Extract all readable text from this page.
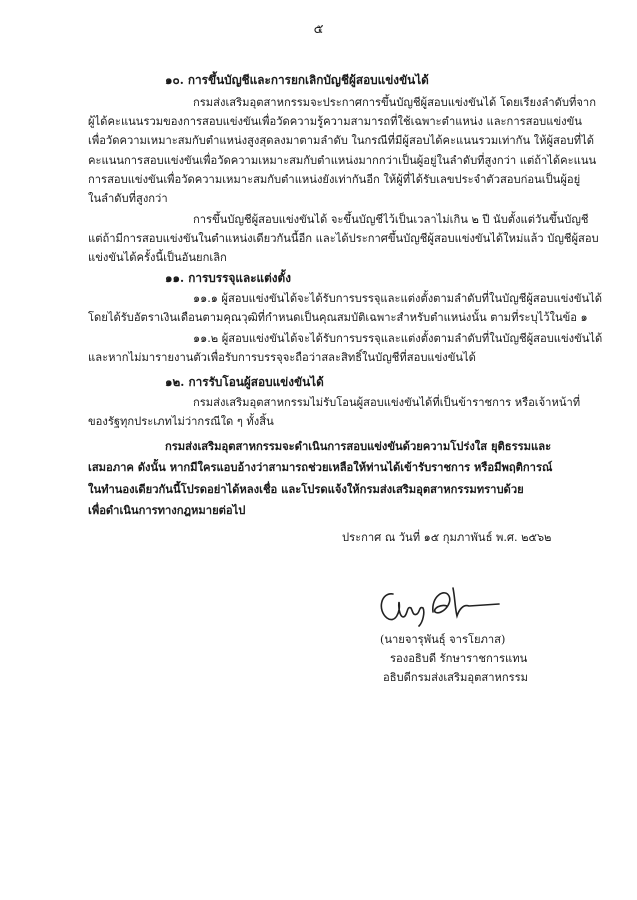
๕
๑๐. การขึ้นบัญชีและการยกเลิกบัญชีผู้สอบแข่งขันได้
กรมส่งเสริมอุตสาหกรรมจะประกาศการขึ้นบัญชีผู้สอบแข่งขันได้ โดยเรียงลำดับที่จาก
ผู้ได้คะแนนรวมของการสอบแข่งขันเพื่อวัดความรู้ความสามารถที่ใช้เฉพาะตำแหน่ง และการสอบแข่งขัน
เพื่อวัดความเหมาะสมกับตำแหน่งสูงสุดลงมาตามลำดับ ในกรณีที่มีผู้สอบได้คะแนนรวมเท่ากัน ให้ผู้สอบที่ได้
คะแนนการสอบแข่งขันเพื่อวัดความเหมาะสมกับตำแหน่งมากกว่าเป็นผู้อยู่ในลำดับที่สูงกว่า แต่ถ้าได้คะแนน
การสอบแข่งขันเพื่อวัดความเหมาะสมกับตำแหน่งยังเท่ากันอีก ให้ผู้ที่ได้รับเลขประจำตัวสอบก่อนเป็นผู้อยู่
ในลำดับที่สูงกว่า
การขึ้นบัญชีผู้สอบแข่งขันได้ จะขึ้นบัญชีไว้เป็นเวลาไม่เกิน ๒ ปี นับตั้งแต่วันขึ้นบัญชี
แต่ถ้ามีการสอบแข่งขันในตำแหน่งเดียวกันนี้อีก และได้ประกาศขึ้นบัญชีผู้สอบแข่งขันได้ใหม่แล้ว บัญชีผู้สอบ
แข่งขันได้ครั้งนี้เป็นอันยกเลิก
๑๑. การบรรจุและแต่งตั้ง
๑๑.๑ ผู้สอบแข่งขันได้จะได้รับการบรรจุและแต่งตั้งตามลำดับที่ในบัญชีผู้สอบแข่งขันได้
โดยได้รับอัตราเงินเดือนตามคุณวุฒิที่กำหนดเป็นคุณสมบัติเฉพาะสำหรับตำแหน่งนั้น ตามที่ระบุไว้ในข้อ ๑
๑๑.๒ ผู้สอบแข่งขันได้จะได้รับการบรรจุและแต่งตั้งตามลำดับที่ในบัญชีผู้สอบแข่งขันได้
และหากไม่มารายงานตัวเพื่อรับการบรรจุจะถือว่าสละสิทธิ์ในบัญชีที่สอบแข่งขันได้
๑๒. การรับโอนผู้สอบแข่งขันได้
กรมส่งเสริมอุตสาหกรรมไม่รับโอนผู้สอบแข่งขันได้ที่เป็นข้าราชการ หรือเจ้าหน้าที่
ของรัฐทุกประเภทไม่ว่ากรณีใด ๆ ทั้งสิ้น
กรมส่งเสริมอุตสาหกรรมจะดำเนินการสอบแข่งขันด้วยความโปร่งใส ยุติธรรมและ
เสมอภาค ดังนั้น หากมีใครแอบอ้างว่าสามารถช่วยเหลือให้ท่านได้เข้ารับราชการ หรือมีพฤติการณ์
ในทำนองเดียวกันนี้โปรดอย่าได้หลงเชื่อ และโปรดแจ้งให้กรมส่งเสริมอุตสาหกรรมทราบด้วย
เพื่อดำเนินการทางกฎหมายต่อไป
ประกาศ ณ วันที่ ๑๕ กุมภาพันธ์ พ.ศ. ๒๕๖๒
(นายจารุพันธุ์ จารโยภาส)
รองอธิบดี รักษาราชการแทน
อธิบดีกรมส่งเสริมอุตสาหกรรม
